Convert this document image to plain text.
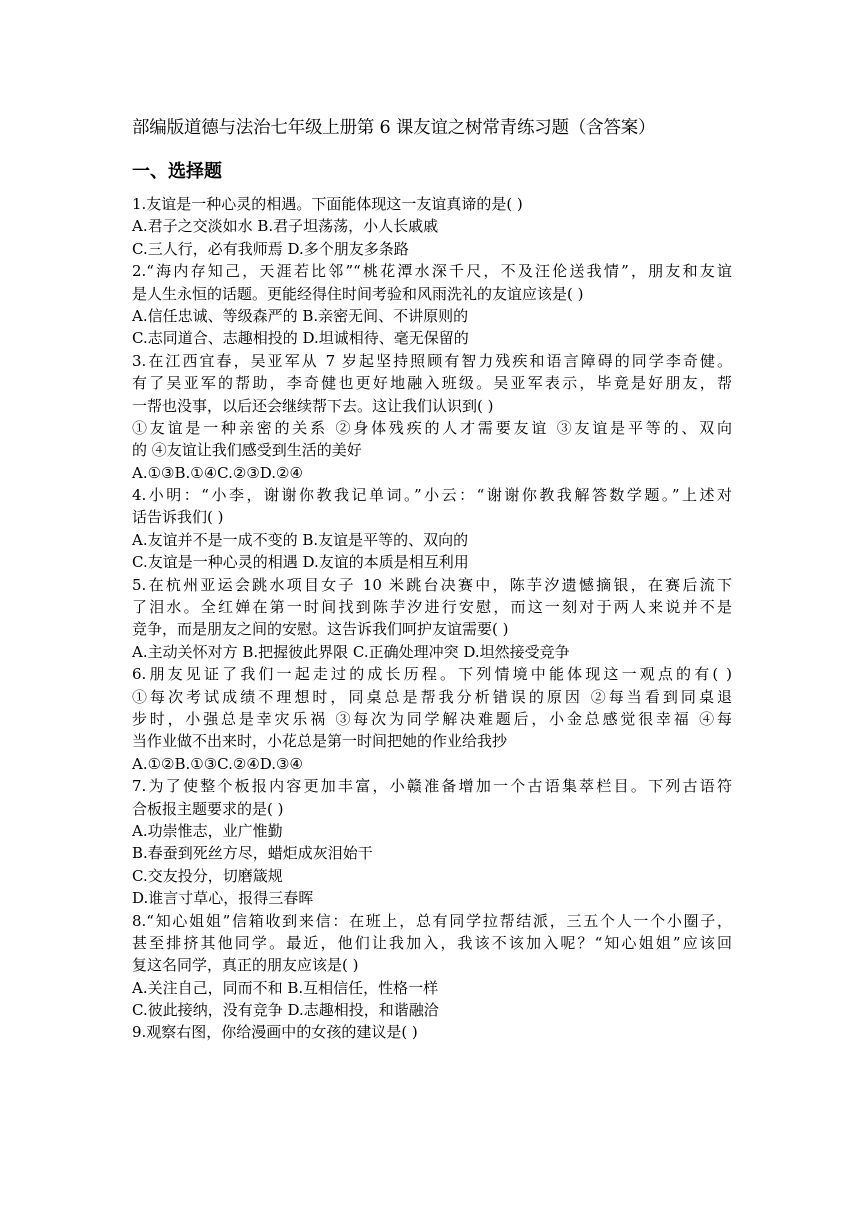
部编版道德与法治七年级上册第 6 课友谊之树常青练习题（含答案）
一、选择题
1.友谊是一种心灵的相遇。下面能体现这一友谊真谛的是( )
A.君子之交淡如水 B.君子坦荡荡，小人长戚戚
C.三人行，必有我师焉 D.多个朋友多条路
2.“海内存知己，天涯若比邻”“桃花潭水深千尺，不及汪伦送我情”，朋友和友谊
是人生永恒的话题。更能经得住时间考验和风雨洗礼的友谊应该是( )
A.信任忠诚、等级森严的 B.亲密无间、不讲原则的
C.志同道合、志趣相投的 D.坦诚相待、毫无保留的
3.在江西宜春，吴亚军从 7 岁起坚持照顾有智力残疾和语言障碍的同学李奇健。
有了吴亚军的帮助，李奇健也更好地融入班级。吴亚军表示，毕竟是好朋友，帮
一帮也没事，以后还会继续帮下去。这让我们认识到( )
①友谊是一种亲密的关系 ②身体残疾的人才需要友谊 ③友谊是平等的、双向
的 ④友谊让我们感受到生活的美好
A.①③B.①④C.②③D.②④
4.小明：“小李，谢谢你教我记单词。”小云：“谢谢你教我解答数学题。”上述对
话告诉我们( )
A.友谊并不是一成不变的 B.友谊是平等的、双向的
C.友谊是一种心灵的相遇 D.友谊的本质是相互利用
5.在杭州亚运会跳水项目女子 10 米跳台决赛中，陈芋汐遗憾摘银，在赛后流下
了泪水。全红婵在第一时间找到陈芋汐进行安慰，而这一刻对于两人来说并不是
竞争，而是朋友之间的安慰。这告诉我们呵护友谊需要( )
A.主动关怀对方 B.把握彼此界限 C.正确处理冲突 D.坦然接受竞争
6.朋友见证了我们一起走过的成长历程。下列情境中能体现这一观点的有( )
①每次考试成绩不理想时，同桌总是帮我分析错误的原因 ②每当看到同桌退
步时，小强总是幸灾乐祸 ③每次为同学解决难题后，小金总感觉很幸福 ④每
当作业做不出来时，小花总是第一时间把她的作业给我抄
A.①②B.①③C.②④D.③④
7.为了使整个板报内容更加丰富，小赣准备增加一个古语集萃栏目。下列古语符
合板报主题要求的是( )
A.功崇惟志，业广惟勤
B.春蚕到死丝方尽，蜡炬成灰泪始干
C.交友投分，切磨箴规
D.谁言寸草心，报得三春晖
8.“知心姐姐”信箱收到来信：在班上，总有同学拉帮结派，三五个人一个小圈子，
甚至排挤其他同学。最近，他们让我加入，我该不该加入呢？“知心姐姐”应该回
复这名同学，真正的朋友应该是( )
A.关注自己，同而不和 B.互相信任，性格一样
C.彼此接纳，没有竞争 D.志趣相投，和谐融洽
9.观察右图，你给漫画中的女孩的建议是( )
